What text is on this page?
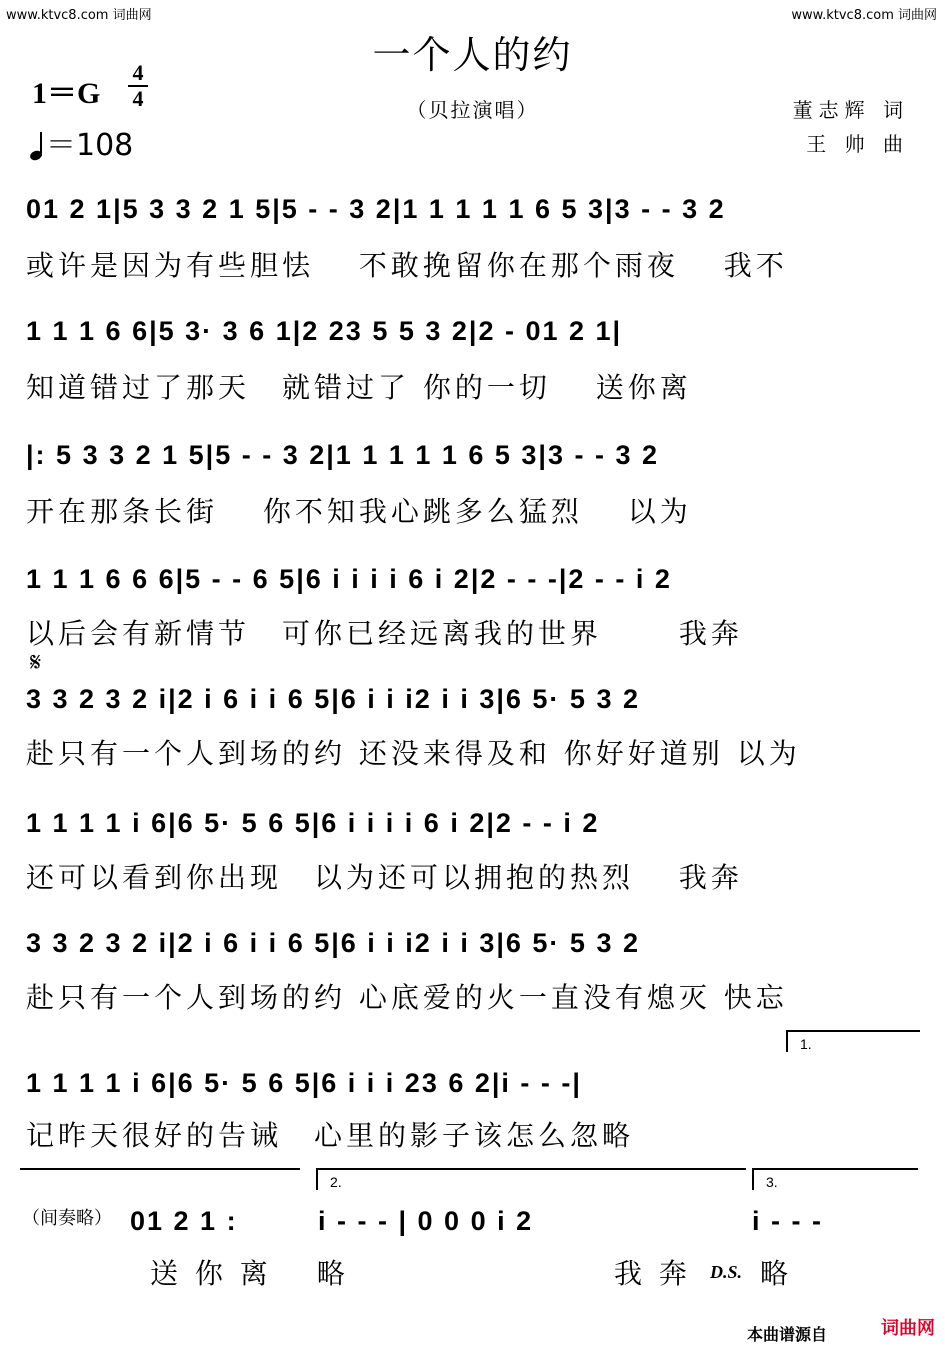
www.ktvc8.com 词曲网	www.ktvc8.com 词曲网
一个人的约
（贝拉演唱）
1＝G
4
4
＝108
董志辉 词
王 帅 曲
𝄋
01 2 1|5 3 3 2 1 5|5 - - 3 2|1 1 1 1 1 6 5 3|3 - - 3 2
或许是因为有些胆怯　 不敢挽留你在那个雨夜　 我不
1 1 1 6 6|5 3· 3 6 1|2 23 5 5 3 2|2 - 01 2 1|
知道错过了那天　就错过了 你的一切　 送你离
|: 5 3 3 2 1 5|5 - - 3 2|1 1 1 1 1 6 5 3|3 - - 3 2
开在那条长街　 你不知我心跳多么猛烈　 以为
1 1 1 6 6 6|5 - - 6 5|6 i i i i 6 i 2|2 - - -|2 - - i 2
以后会有新情节　可你已经远离我的世界　　 我奔
3 3 2 3 2 i|2 i 6 i i 6 5|6 i i i2 i i 3|6 5· 5 3 2
赴只有一个人到场的约 还没来得及和 你好好道别 以为
1 1 1 1 i 6|6 5· 5 6 5|6 i i i i 6 i 2|2 - - i 2
还可以看到你出现　以为还可以拥抱的热烈　 我奔
3 3 2 3 2 i|2 i 6 i i 6 5|6 i i i2 i i 3|6 5· 5 3 2
赴只有一个人到场的约 心底爱的火一直没有熄灭 快忘
1.
1 1 1 1 i 6|6 5· 5 6 5|6 i i i 23 6 2|i - - -|
记昨天很好的告诫　心里的影子该怎么忽略
2.	3.
（间奏略） 01 2 1 :	i - - - | 0 0 0 i 2	i - - -
送 你 离　 略	我 奔 D.S. 略
本曲谱源自	词曲网
